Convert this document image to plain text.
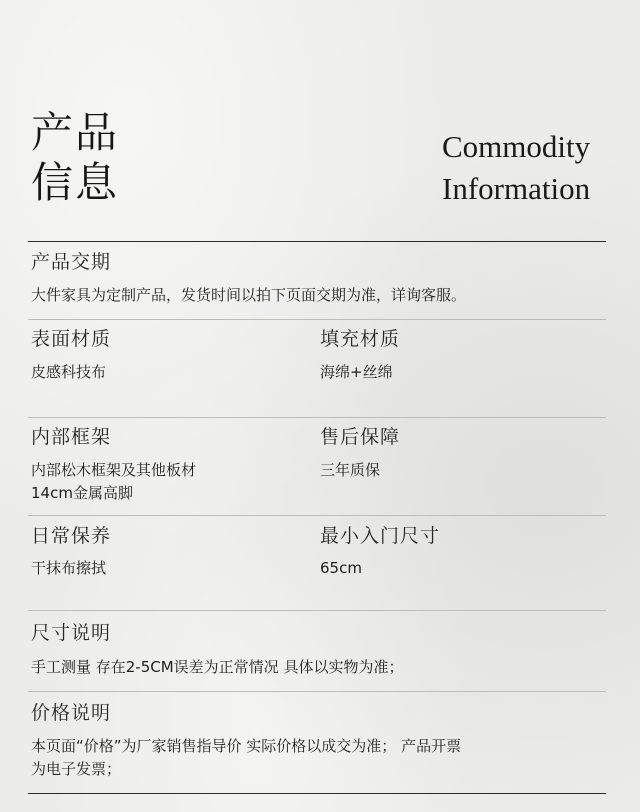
产品
信息
Commodity
Information
产品交期
大件家具为定制产品，发货时间以拍下页面交期为准，详询客服。
表面材质
皮感科技布
填充材质
海绵+丝绵
内部框架
内部松木框架及其他板材
14cm金属高脚
售后保障
三年质保
日常保养
干抹布擦拭
最小入门尺寸
65cm
尺寸说明
手工测量 存在2-5CM误差为正常情况 具体以实物为准；
价格说明
本页面“价格”为厂家销售指导价 实际价格以成交为准； 产品开票
为电子发票；
